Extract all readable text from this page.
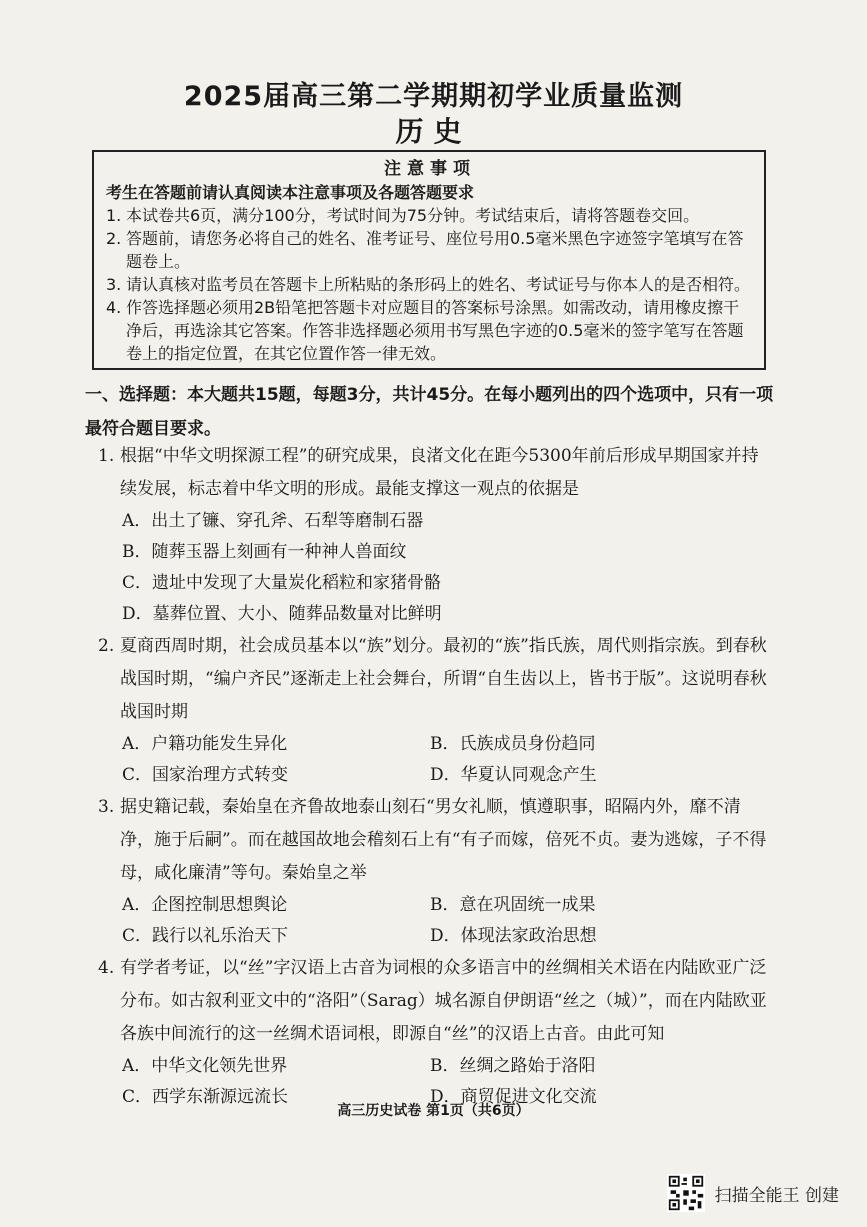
2025届高三第二学期期初学业质量监测
历史
注意事项
考生在答题前请认真阅读本注意事项及各题答题要求
1. 本试卷共6页，满分100分，考试时间为75分钟。考试结束后，请将答题卷交回。
2. 答题前，请您务必将自己的姓名、准考证号、座位号用0.5毫米黑色字迹签字笔填写在答题卷上。
3. 请认真核对监考员在答题卡上所粘贴的条形码上的姓名、考试证号与你本人的是否相符。
4. 作答选择题必须用2B铅笔把答题卡对应题目的答案标号涂黑。如需改动，请用橡皮擦干净后，再选涂其它答案。作答非选择题必须用书写黑色字迹的0.5毫米的签字笔写在答题卷上的指定位置，在其它位置作答一律无效。
一、选择题：本大题共15题，每题3分，共计45分。在每小题列出的四个选项中，只有一项最符合题目要求。
1. 根据“中华文明探源工程”的研究成果，良渚文化在距今5300年前后形成早期国家并持续发展，标志着中华文明的形成。最能支撑这一观点的依据是
A．出土了镰、穿孔斧、石犁等磨制石器
B．随葬玉器上刻画有一种神人兽面纹
C．遗址中发现了大量炭化稻粒和家猪骨骼
D．墓葬位置、大小、随葬品数量对比鲜明
2. 夏商西周时期，社会成员基本以“族”划分。最初的“族”指氏族，周代则指宗族。到春秋战国时期，“编户齐民”逐渐走上社会舞台，所谓“自生齿以上，皆书于版”。这说明春秋战国时期
A．户籍功能发生异化	B．氏族成员身份趋同
C．国家治理方式转变	D．华夏认同观念产生
3. 据史籍记载，秦始皇在齐鲁故地泰山刻石“男女礼顺，慎遵职事，昭隔内外，靡不清净，施于后嗣”。而在越国故地会稽刻石上有“有子而嫁，倍死不贞。妻为逃嫁，子不得母，咸化廉清”等句。秦始皇之举
A．企图控制思想舆论	B．意在巩固统一成果
C．践行以礼乐治天下	D．体现法家政治思想
4. 有学者考证，以“丝”字汉语上古音为词根的众多语言中的丝绸相关术语在内陆欧亚广泛分布。如古叙利亚文中的“洛阳”（Sarag）城名源自伊朗语“丝之（城）”，而在内陆欧亚各族中间流行的这一丝绸术语词根，即源自“丝”的汉语上古音。由此可知
A．中华文化领先世界	B．丝绸之路始于洛阳
C．西学东渐源远流长	D．商贸促进文化交流
高三历史试卷 第1页（共6页）
扫描全能王 创建
